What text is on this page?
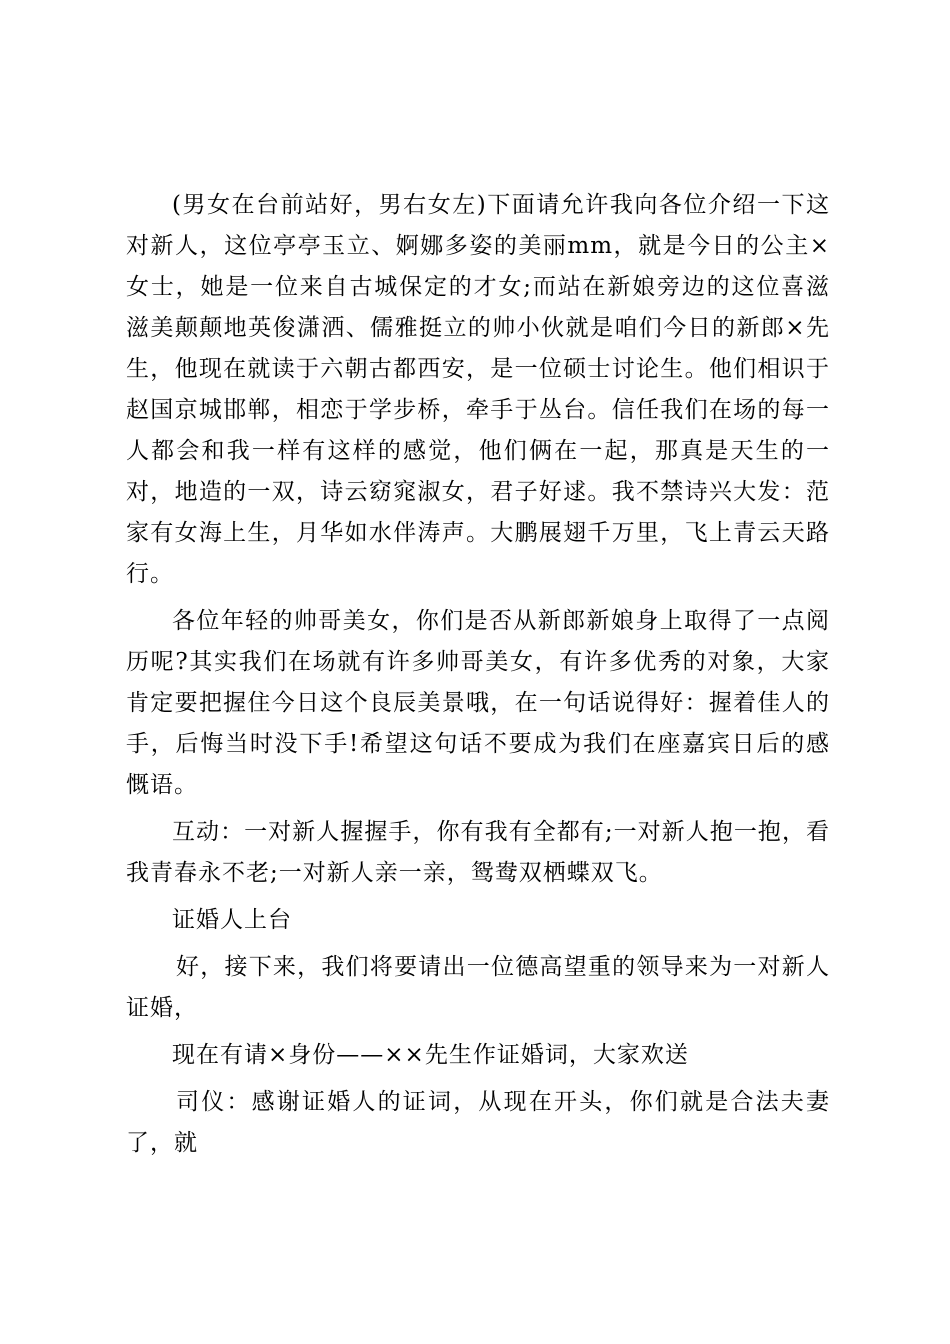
(男女在台前站好，男右女左)下面请允许我向各位介绍一下这对新人，这位亭亭玉立、婀娜多姿的美丽mm，就是今日的公主×女士，她是一位来自古城保定的才女;而站在新娘旁边的这位喜滋滋美颠颠地英俊潇洒、儒雅挺立的帅小伙就是咱们今日的新郎×先生，他现在就读于六朝古都西安，是一位硕士讨论生。他们相识于赵国京城邯郸，相恋于学步桥，牵手于丛台。信任我们在场的每一人都会和我一样有这样的感觉，他们俩在一起，那真是天生的一对，地造的一双，诗云窈窕淑女，君子好逑。我不禁诗兴大发：范家有女海上生，月华如水伴涛声。大鹏展翅千万里，飞上青云天路行。

各位年轻的帅哥美女，你们是否从新郎新娘身上取得了一点阅历呢?其实我们在场就有许多帅哥美女，有许多优秀的对象，大家肯定要把握住今日这个良辰美景哦，在一句话说得好：握着佳人的手，后悔当时没下手!希望这句话不要成为我们在座嘉宾日后的感慨语。

互动：一对新人握握手，你有我有全都有;一对新人抱一抱，看我青春永不老;一对新人亲一亲，鸳鸯双栖蝶双飞。

证婚人上台

好，接下来，我们将要请出一位德高望重的领导来为一对新人证婚，

现在有请×身份——××先生作证婚词，大家欢送

司仪：感谢证婚人的证词，从现在开头，你们就是合法夫妻了，就
